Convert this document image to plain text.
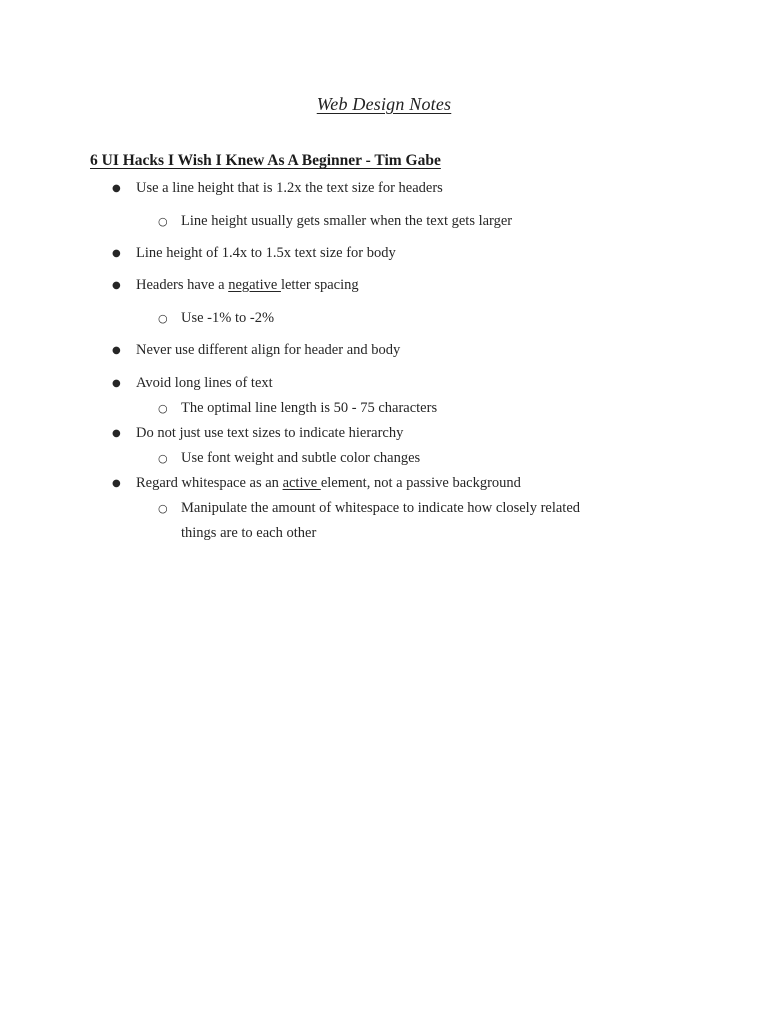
Web Design Notes
6 UI Hacks I Wish I Knew As A Beginner - Tim Gabe
● Use a line height that is 1.2x the text size for headers
○ Line height usually gets smaller when the text gets larger
● Line height of 1.4x to 1.5x text size for body
● Headers have a negative letter spacing
○ Use -1% to -2%
● Never use different align for header and body
● Avoid long lines of text
○ The optimal line length is 50 - 75 characters
● Do not just use text sizes to indicate hierarchy
○ Use font weight and subtle color changes
● Regard whitespace as an active element, not a passive background
○ Manipulate the amount of whitespace to indicate how closely related
things are to each other
